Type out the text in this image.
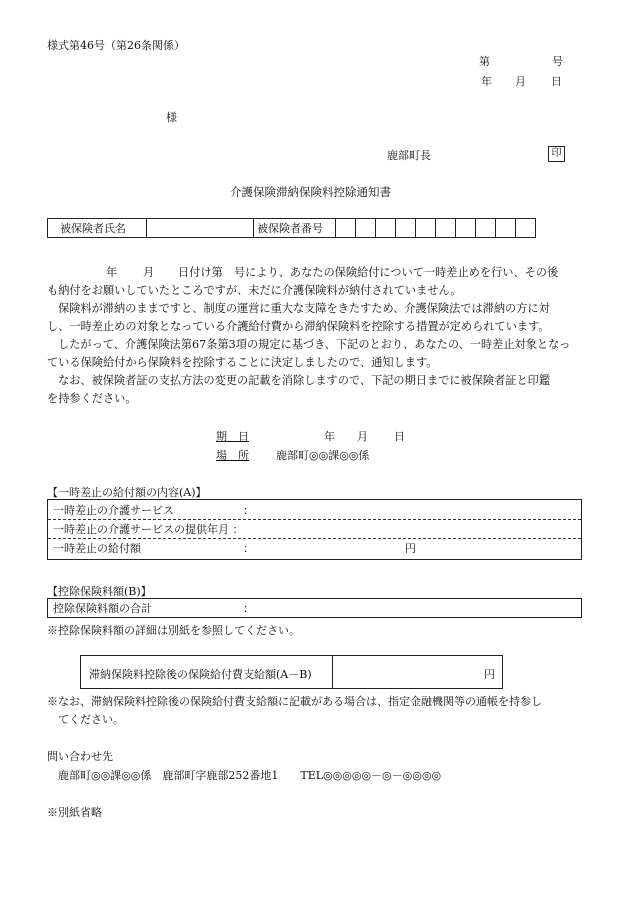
様式第46号（第26条関係）
第	号
年 月 日
様
鹿部町長	印
介護保険滞納保険料控除通知書
被保険者氏名		被保険者番号										
年 月 日付け第　号により、あなたの保険給付について一時差止めを行い、その後
も納付をお願いしていたところですが、未だに介護保険料が納付されていません。
保険料が滞納のままですと、制度の運営に重大な支障をきたすため、介護保険法では滞納の方に対
し、一時差止めの対象となっている介護給付費から滞納保険料を控除する措置が定められています。
したがって、介護保険法第67条第3項の規定に基づき、下記のとおり、あなたの、一時差止対象となっ
ている保険給付から保険料を控除することに決定しましたので、通知します。
なお、被保険者証の支払方法の変更の記載を消除しますので、下記の期日までに被保険者証と印鑑
を持参ください。
期　日	年 月 日
場　所 鹿部町◎◎課◎◎係
【一時差止の給付額の内容(A)】
一時差止の介護サービス	：
一時差止の介護サービスの提供年月 ：
一時差止の給付額	：	円
【控除保険料額(B)】
控除保険料額の合計	：
※控除保険料額の詳細は別紙を参照してください。
滞納保険料控除後の保険給付費支給額(A－B)	円
※なお、滞納保険料控除後の保険給付費支給額に記載がある場合は、指定金融機関等の通帳を持参し
てください。
問い合わせ先
鹿部町◎◎課◎◎係　鹿部町字鹿部252番地1　　TEL◎◎◎◎◎－◎－◎◎◎◎
※別紙省略
